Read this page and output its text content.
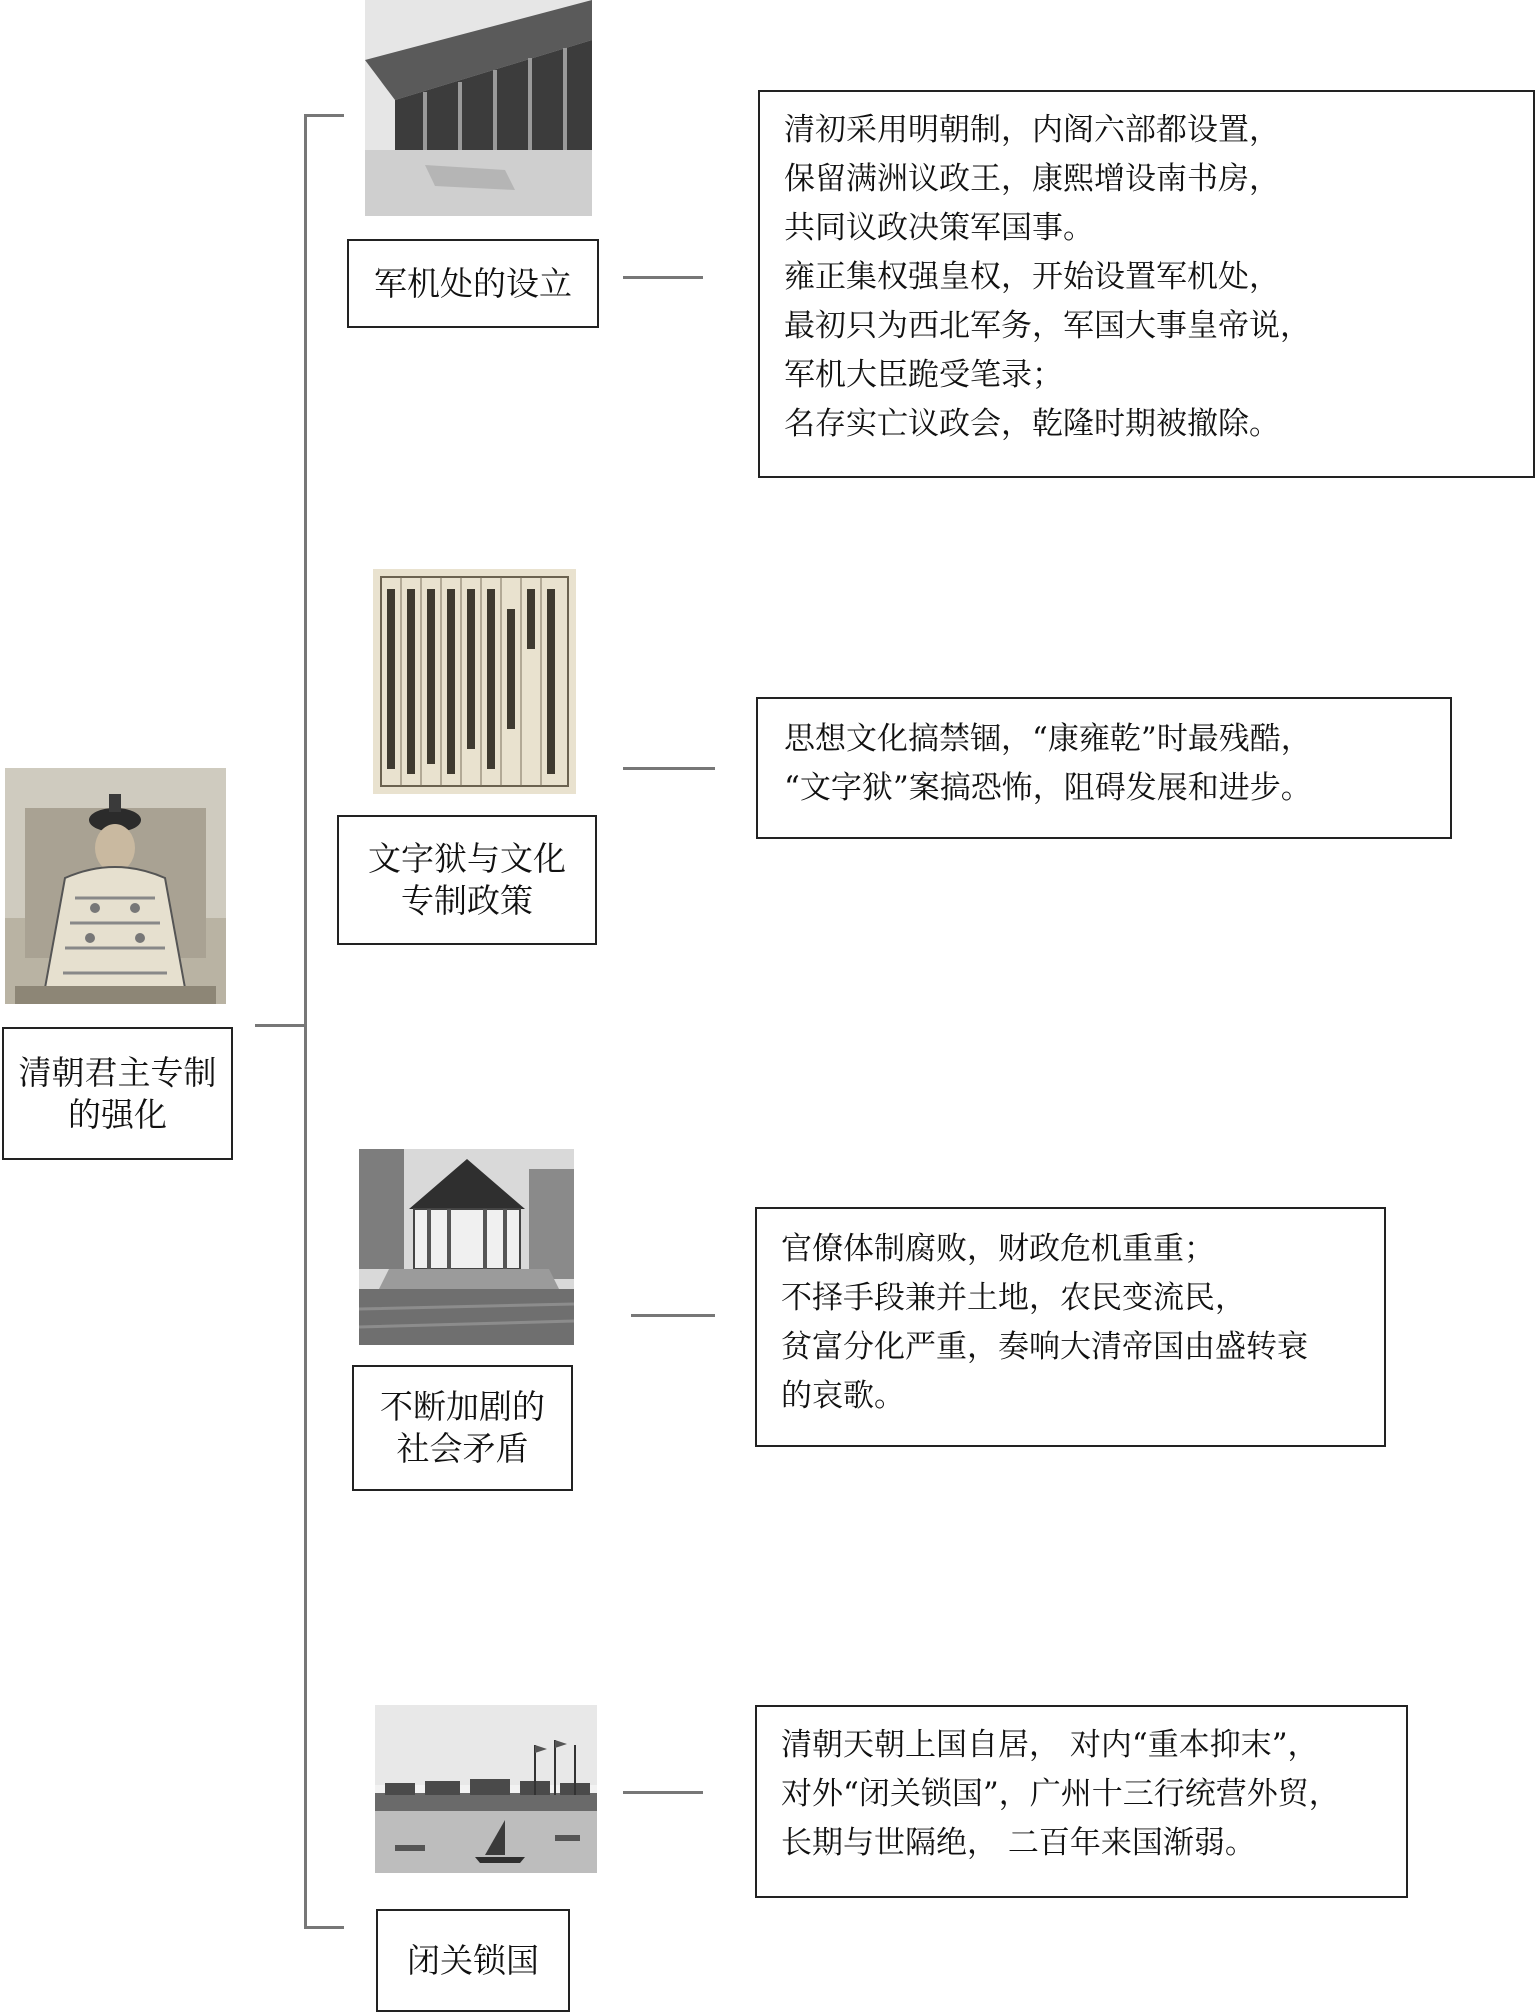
清朝君主专制
的强化
军机处的设立
清初采用明朝制，内阁六部都设置，
保留满洲议政王，康熙增设南书房，
共同议政决策军国事。
雍正集权强皇权，开始设置军机处，
最初只为西北军务，军国大事皇帝说，
军机大臣跪受笔录；
名存实亡议政会，乾隆时期被撤除。
文字狱与文化
专制政策
思想文化搞禁锢，“康雍乾”时最残酷，
“文字狱”案搞恐怖，阻碍发展和进步。
不断加剧的
社会矛盾
官僚体制腐败，财政危机重重；
不择手段兼并土地，农民变流民，
贫富分化严重，奏响大清帝国由盛转衰
的哀歌。
闭关锁国
清朝天朝上国自居， 对内“重本抑末”，
对外“闭关锁国”，广州十三行统营外贸，
长期与世隔绝， 二百年来国渐弱。
